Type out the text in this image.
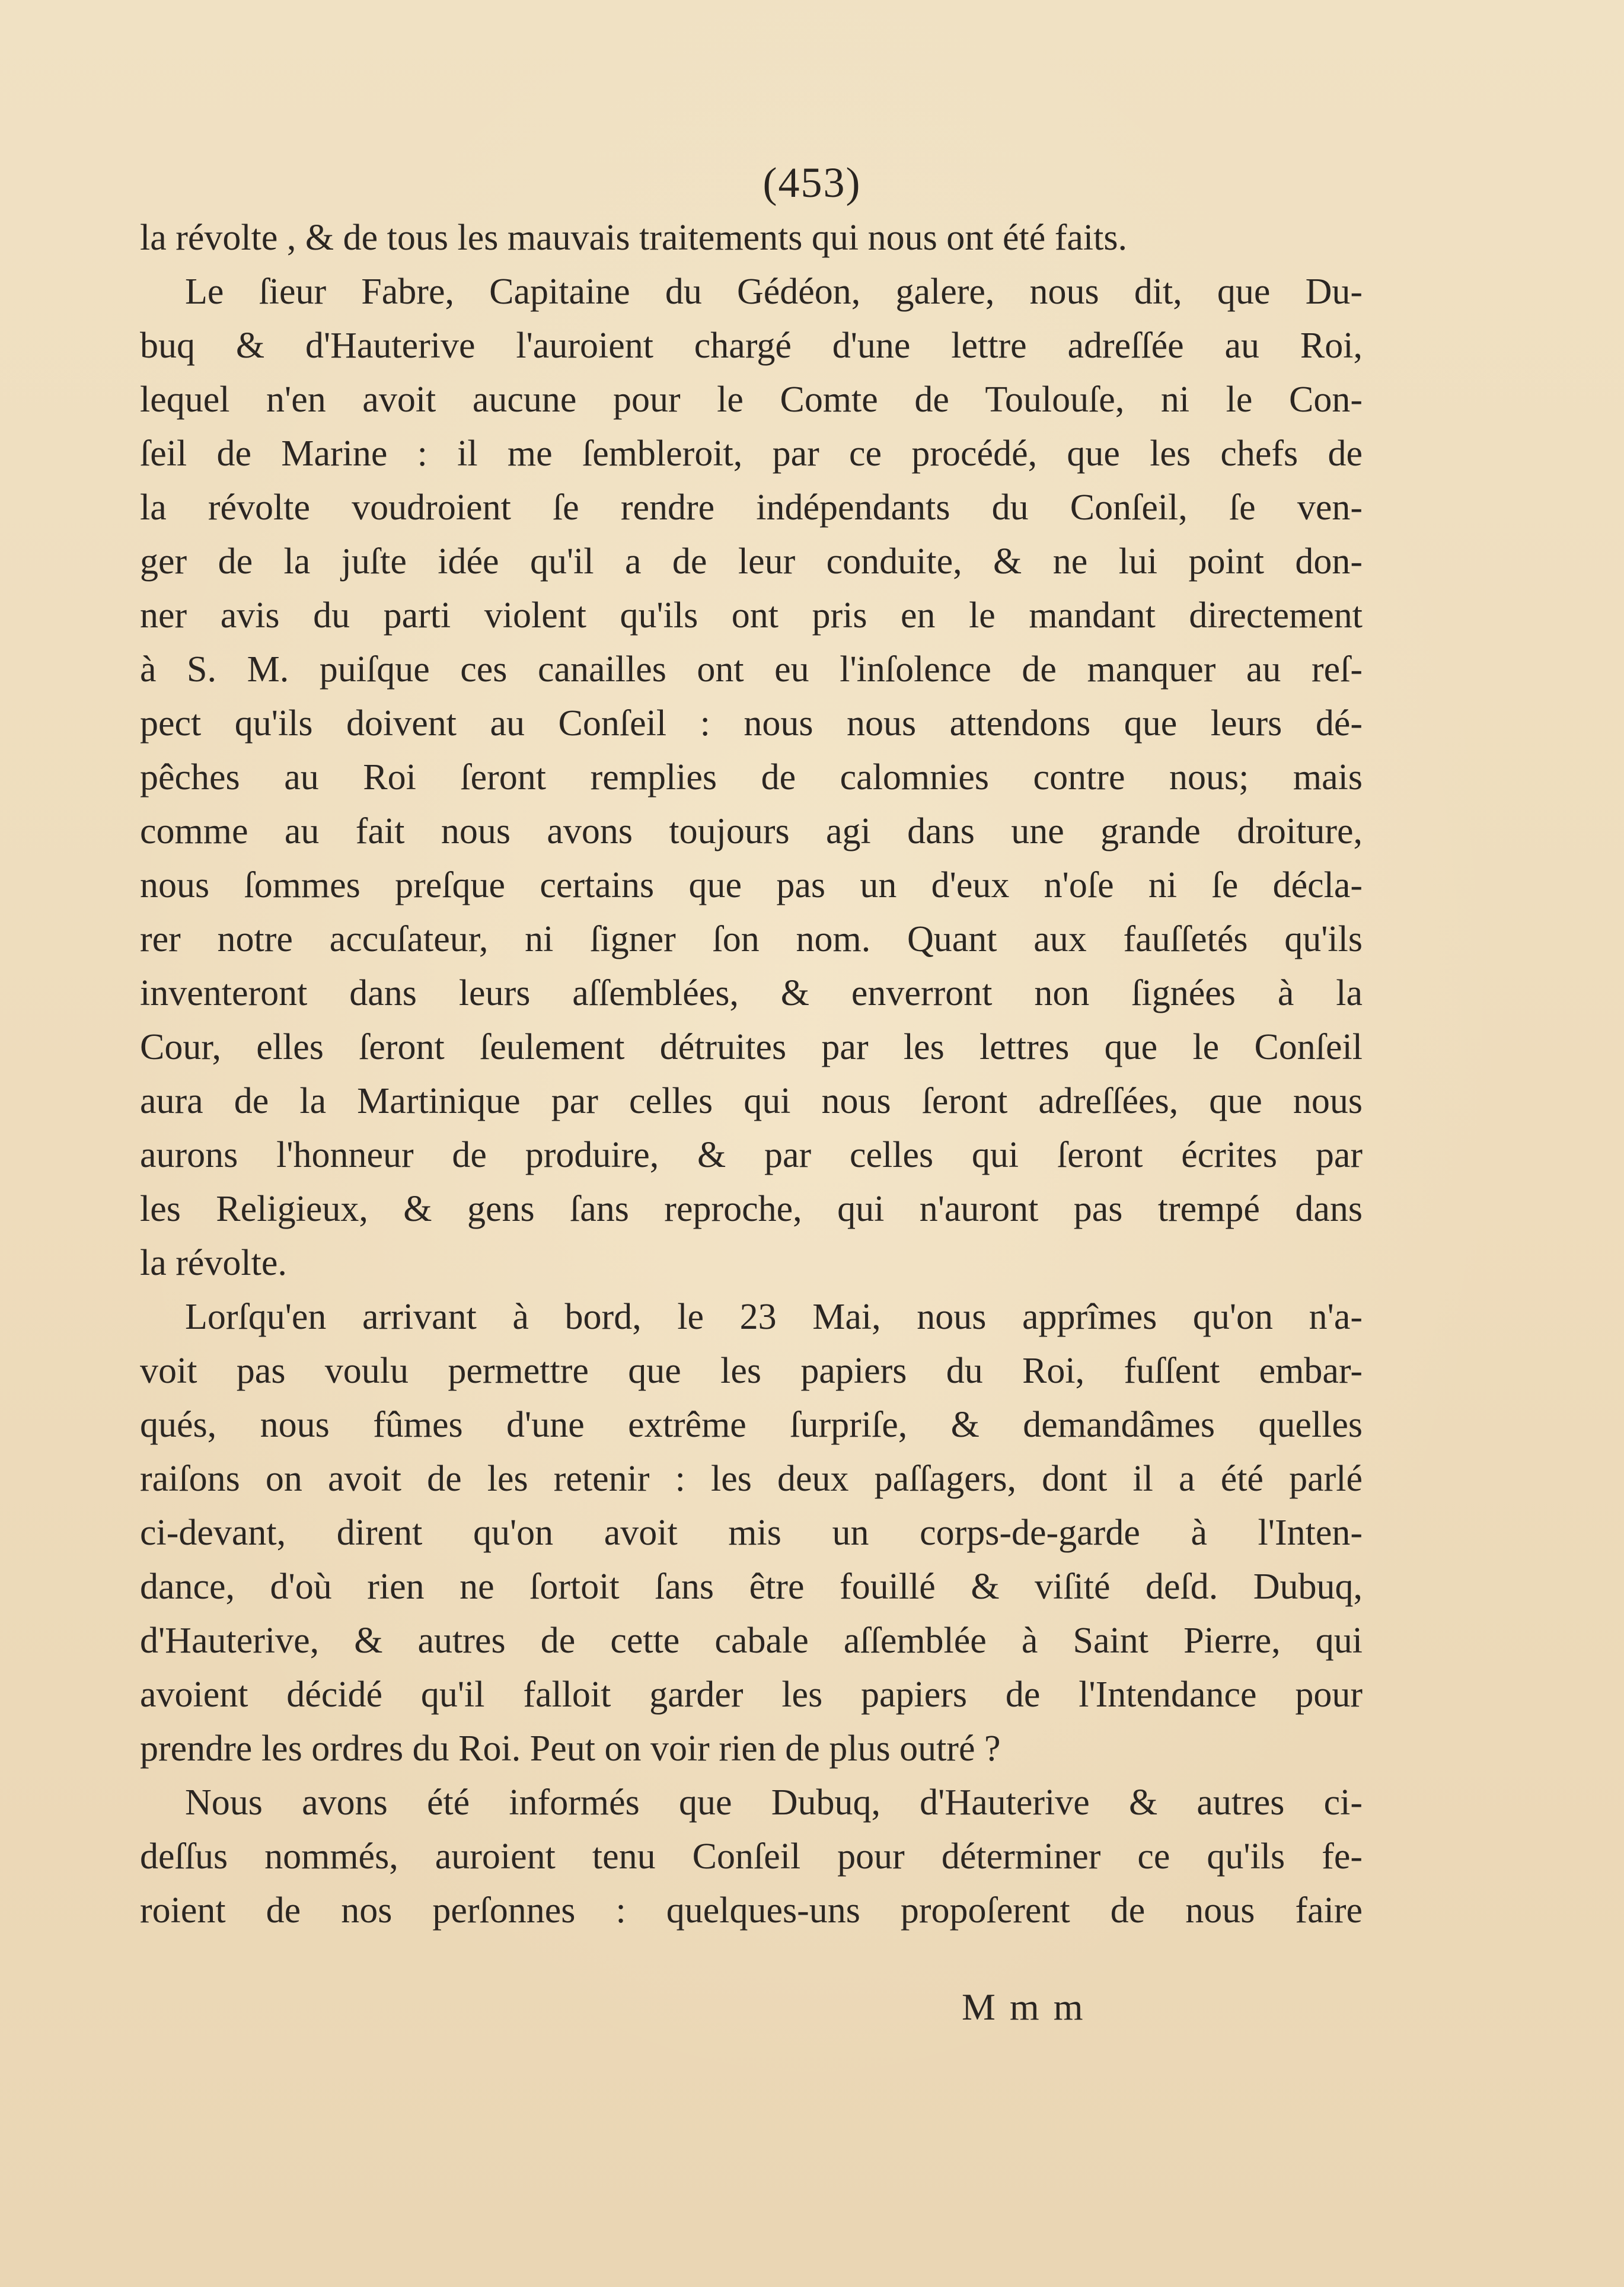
(453)
la révolte , & de tous les mauvais traitements qui nous ont été faits.
Le ſieur Fabre, Capitaine du Gédéon, galere, nous dit, que Du-
buq & d'Hauterive l'auroient chargé d'une lettre adreſſée au Roi,
lequel n'en avoit aucune pour le Comte de Toulouſe, ni le Con-
ſeil de Marine : il me ſembleroit, par ce procédé, que les chefs de
la révolte voudroient ſe rendre indépendants du Conſeil, ſe ven-
ger de la juſte idée qu'il a de leur conduite, & ne lui point don-
ner avis du parti violent qu'ils ont pris en le mandant directement
à S. M. puiſque ces canailles ont eu l'inſolence de manquer au reſ-
pect qu'ils doivent au Conſeil : nous nous attendons que leurs dé-
pêches au Roi ſeront remplies de calomnies contre nous; mais
comme au fait nous avons toujours agi dans une grande droiture,
nous ſommes preſque certains que pas un d'eux n'oſe ni ſe décla-
rer notre accuſateur, ni ſigner ſon nom. Quant aux fauſſetés qu'ils
inventeront dans leurs aſſemblées, & enverront non ſignées à la
Cour, elles ſeront ſeulement détruites par les lettres que le Conſeil
aura de la Martinique par celles qui nous ſeront adreſſées, que nous
aurons l'honneur de produire, & par celles qui ſeront écrites par
les Religieux, & gens ſans reproche, qui n'auront pas trempé dans
la révolte.
Lorſqu'en arrivant à bord, le 23 Mai, nous apprîmes qu'on n'a-
voit pas voulu permettre que les papiers du Roi, fuſſent embar-
qués, nous fûmes d'une extrême ſurpriſe, & demandâmes quelles
raiſons on avoit de les retenir : les deux paſſagers, dont il a été parlé
ci-devant, dirent qu'on avoit mis un corps-de-garde à l'Inten-
dance, d'où rien ne ſortoit ſans être fouillé & viſité deſd. Dubuq,
d'Hauterive, & autres de cette cabale aſſemblée à Saint Pierre, qui
avoient décidé qu'il falloit garder les papiers de l'Intendance pour
prendre les ordres du Roi. Peut on voir rien de plus outré ?
Nous avons été informés que Dubuq, d'Hauterive & autres ci-
deſſus nommés, auroient tenu Conſeil pour déterminer ce qu'ils fe-
roient de nos perſonnes : quelques-uns propoſerent de nous faire
M m m
